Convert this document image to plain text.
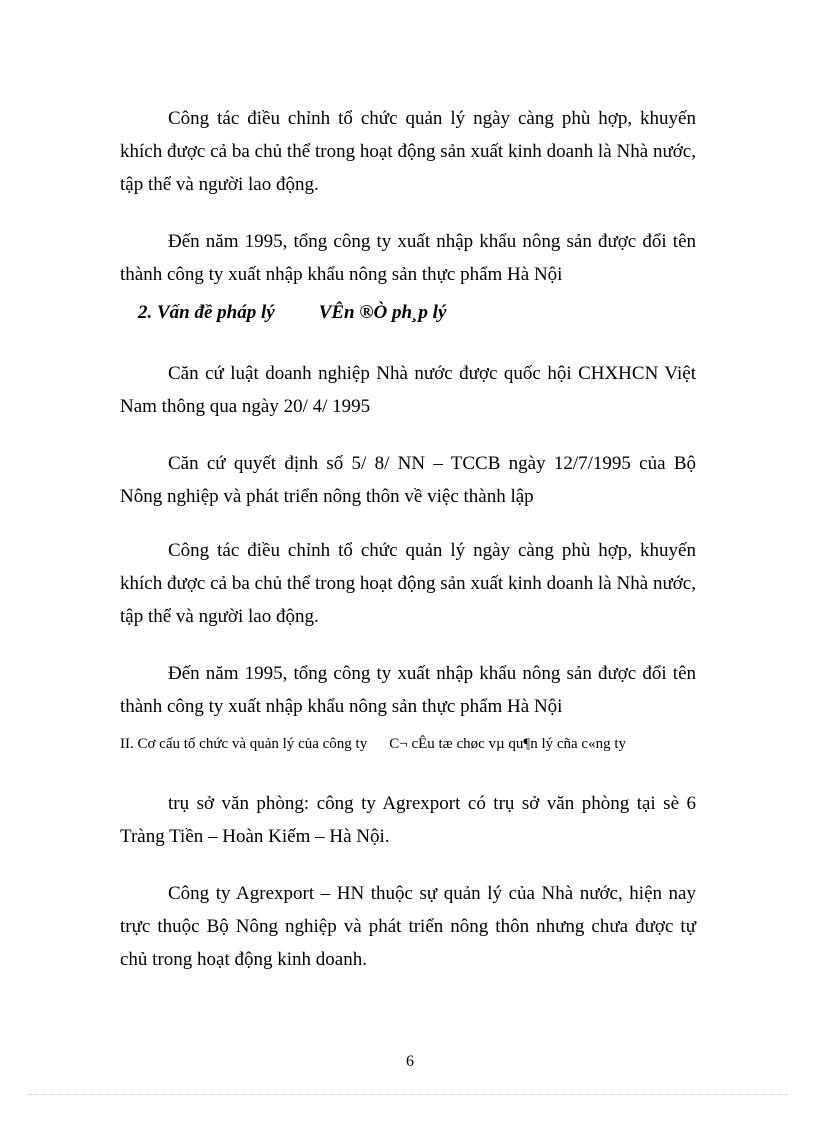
Công tác điều chỉnh tổ chức quản lý ngày càng phù hợp, khuyến khích được cả ba chủ thể trong hoạt động sản xuất kinh doanh là Nhà nước, tập thể và người lao động.

Đến năm 1995, tổng công ty xuất nhập khẩu nông sản được đổi tên thành công ty xuất nhập khẩu nông sản thực phẩm Hà Nội

2. Vấn đề pháp lý VÊn ®Ò ph¸p lý

Căn cứ luật doanh nghiệp Nhà nước được quốc hội CHXHCN Việt Nam thông qua ngày 20/ 4/ 1995

Căn cứ quyết định số 5/ 8/ NN – TCCB ngày 12/7/1995 của Bộ Nông nghiệp và phát triển nông thôn về việc thành lập

Công tác điều chỉnh tổ chức quản lý ngày càng phù hợp, khuyến khích được cả ba chủ thể trong hoạt động sản xuất kinh doanh là Nhà nước, tập thể và người lao động.

Đến năm 1995, tổng công ty xuất nhập khẩu nông sản được đổi tên thành công ty xuất nhập khẩu nông sản thực phẩm Hà Nội

II. Cơ cấu tổ chức và quản lý của công ty C¬ cÊu tæ chøc vµ qu¶n lý cña c«ng ty

trụ sở văn phòng: công ty Agrexport có trụ sở văn phòng tại sè 6 Tràng Tiền – Hoàn Kiếm – Hà Nội.

Công ty Agrexport – HN thuộc sự quản lý của Nhà nước, hiện nay trực thuộc Bộ Nông nghiệp và phát triển nông thôn nhưng chưa được tự chủ trong hoạt động kinh doanh.

6
